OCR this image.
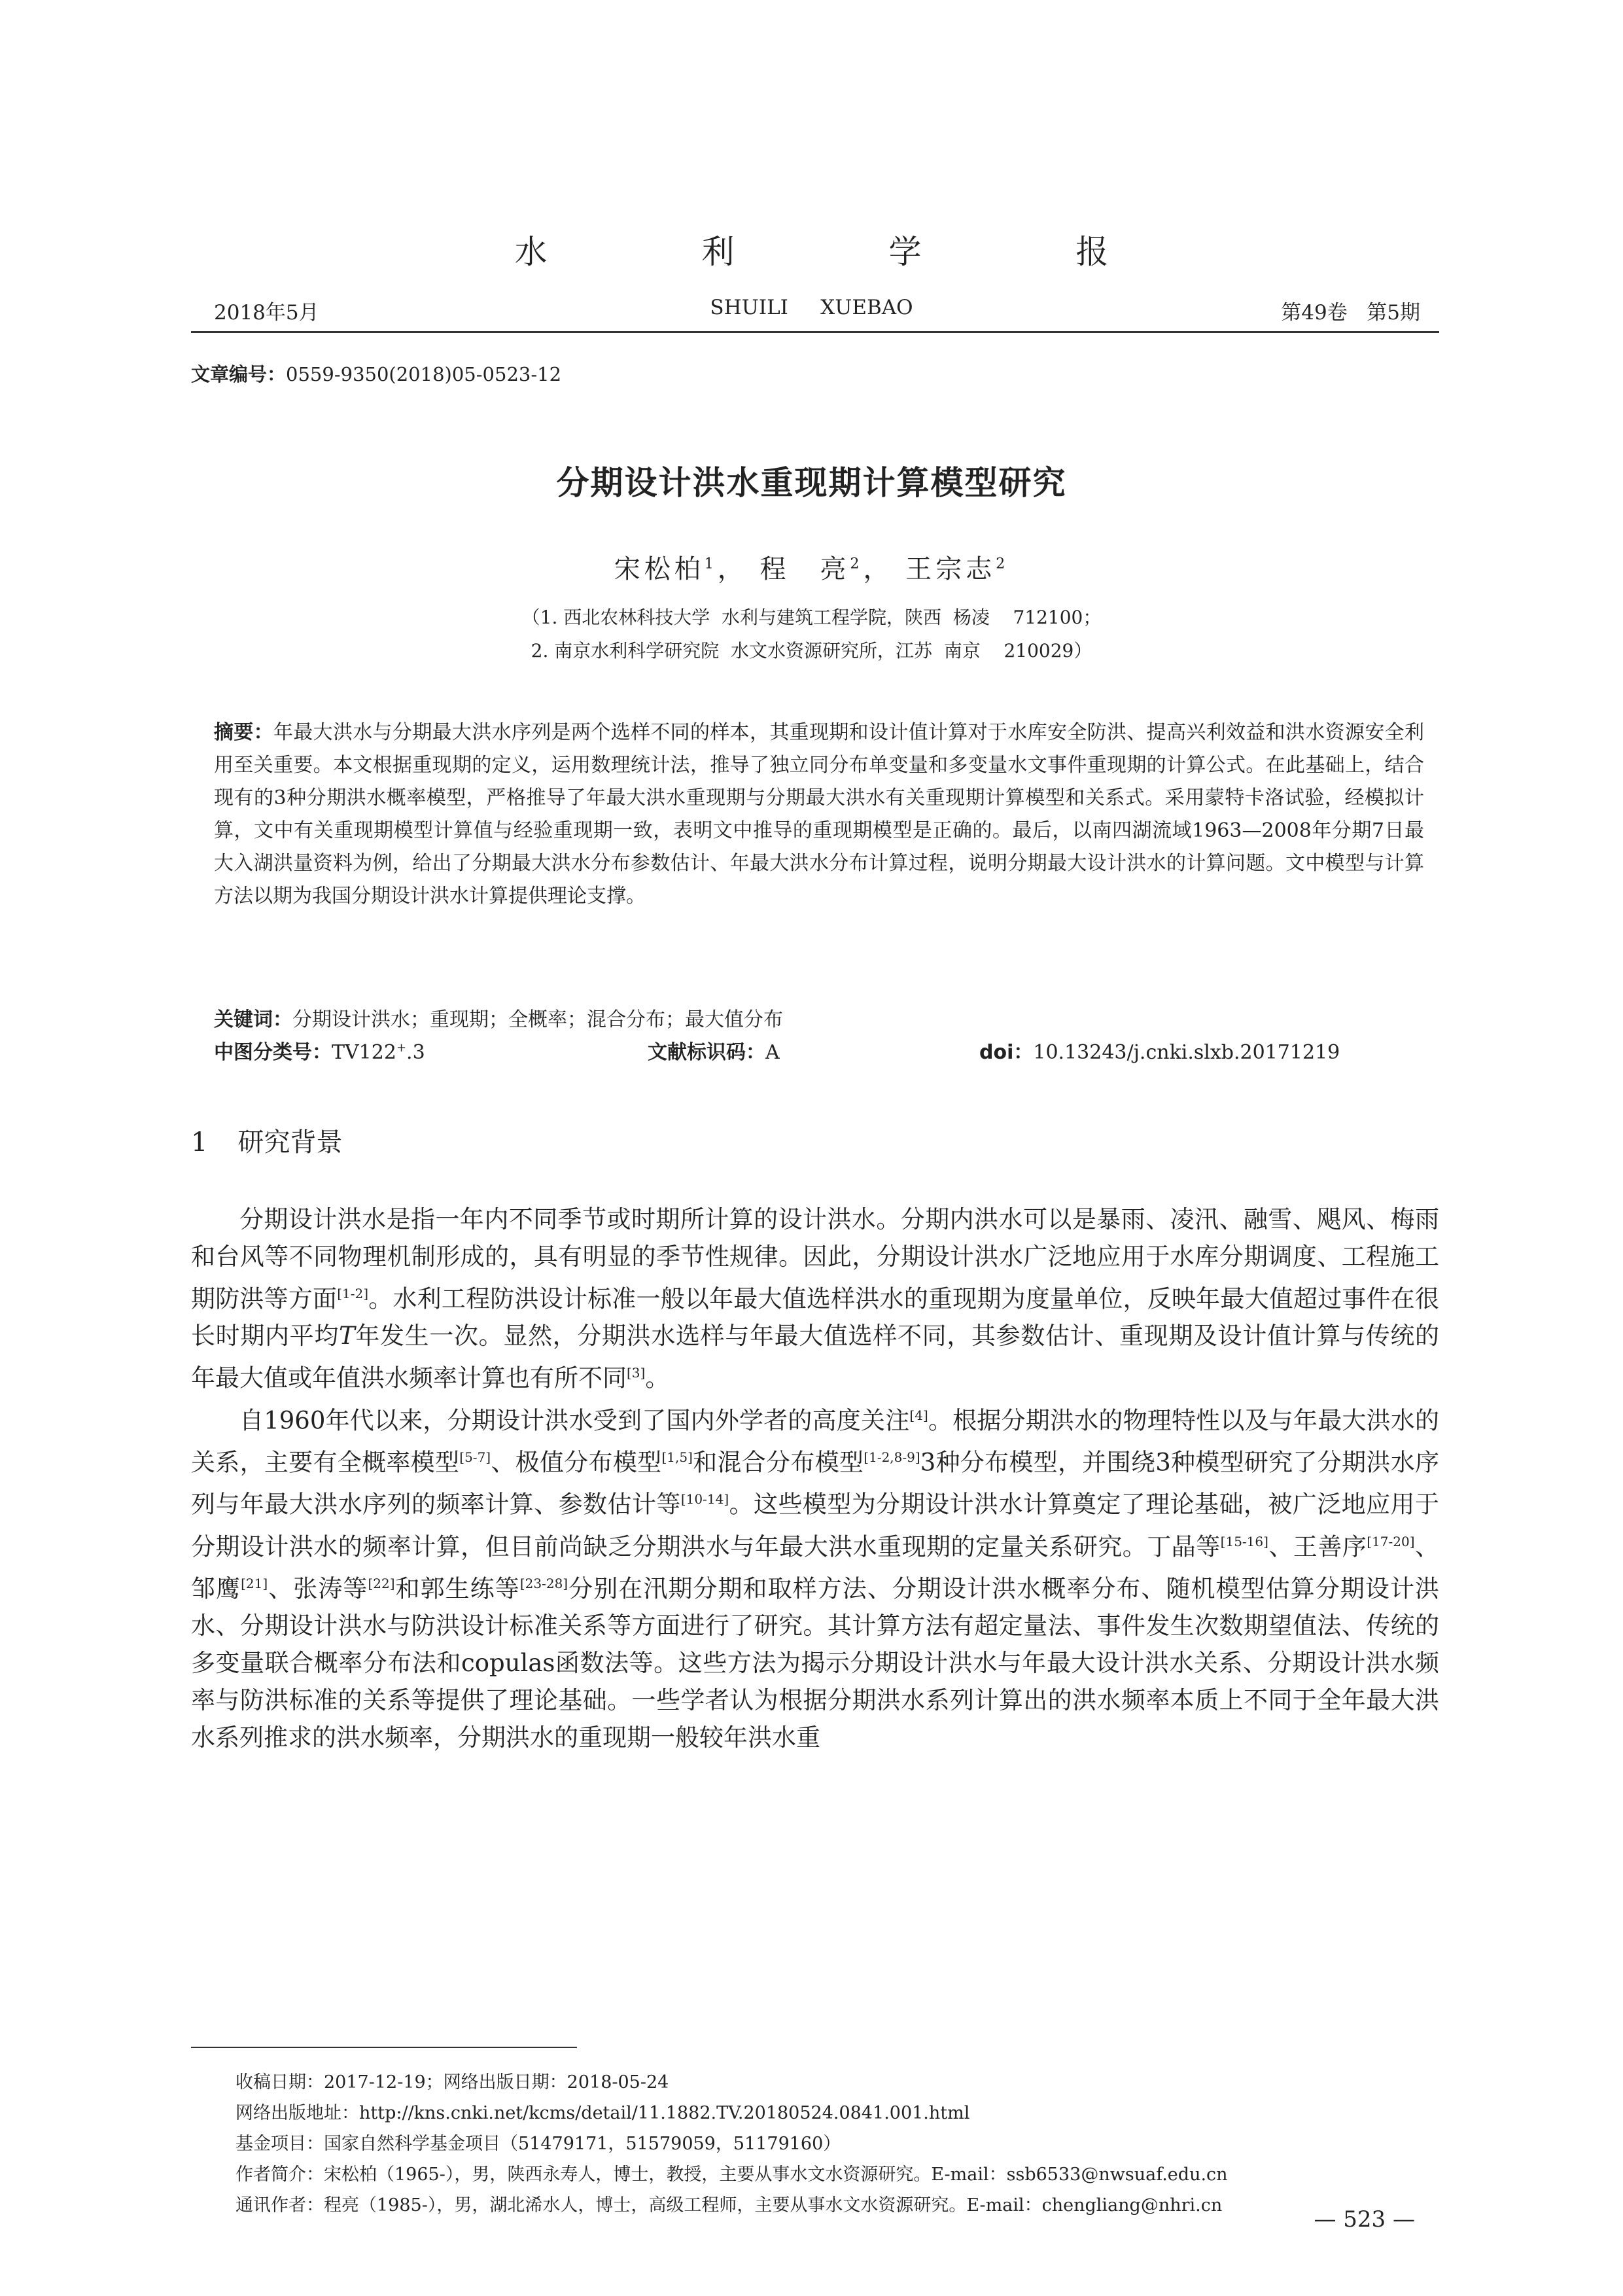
水 利 学 报
2018年5月	SHUILI     XUEBAO	第49卷   第5期
文章编号：0559-9350(2018)05-0523-12
分期设计洪水重现期计算模型研究
宋松柏$^1$， 程　亮$^2$， 王宗志$^2$
（1. 西北农林科技大学  水利与建筑工程学院，陕西  杨凌    712100；
2. 南京水利科学研究院  水文水资源研究所，江苏  南京    210029）
摘要：年最大洪水与分期最大洪水序列是两个选样不同的样本，其重现期和设计值计算对于水库安全防洪、提高兴利效益和洪水资源安全利用至关重要。本文根据重现期的定义，运用数理统计法，推导了独立同分布单变量和多变量水文事件重现期的计算公式。在此基础上，结合现有的3种分期洪水概率模型，严格推导了年最大洪水重现期与分期最大洪水有关重现期计算模型和关系式。采用蒙特卡洛试验，经模拟计算，文中有关重现期模型计算值与经验重现期一致，表明文中推导的重现期模型是正确的。最后，以南四湖流域1963—2008年分期7日最大入湖洪量资料为例，给出了分期最大洪水分布参数估计、年最大洪水分布计算过程，说明分期最大设计洪水的计算问题。文中模型与计算方法以期为我国分期设计洪水计算提供理论支撑。
关键词：分期设计洪水；重现期；全概率；混合分布；最大值分布
中图分类号：TV122+.3	文献标识码：A	doi：10.13243/j.cnki.slxb.20171219
1 研究背景

分期设计洪水是指一年内不同季节或时期所计算的设计洪水。分期内洪水可以是暴雨、凌汛、融雪、飓风、梅雨和台风等不同物理机制形成的，具有明显的季节性规律。因此，分期设计洪水广泛地应用于水库分期调度、工程施工期防洪等方面[1-2]。水利工程防洪设计标准一般以年最大值选样洪水的重现期为度量单位，反映年最大值超过事件在很长时期内平均T年发生一次。显然，分期洪水选样与年最大值选样不同，其参数估计、重现期及设计值计算与传统的年最大值或年值洪水频率计算也有所不同[3]。

自1960年代以来，分期设计洪水受到了国内外学者的高度关注[4]。根据分期洪水的物理特性以及与年最大洪水的关系，主要有全概率模型[5-7]、极值分布模型[1,5]和混合分布模型[1-2,8-9]3种分布模型，并围绕3种模型研究了分期洪水序列与年最大洪水序列的频率计算、参数估计等[10-14]。这些模型为分期设计洪水计算奠定了理论基础，被广泛地应用于分期设计洪水的频率计算，但目前尚缺乏分期洪水与年最大洪水重现期的定量关系研究。丁晶等[15-16]、王善序[17-20]、邹鹰[21]、张涛等[22]和郭生练等[23-28]分别在汛期分期和取样方法、分期设计洪水概率分布、随机模型估算分期设计洪水、分期设计洪水与防洪设计标准关系等方面进行了研究。其计算方法有超定量法、事件发生次数期望值法、传统的多变量联合概率分布法和copulas函数法等。这些方法为揭示分期设计洪水与年最大设计洪水关系、分期设计洪水频率与防洪标准的关系等提供了理论基础。一些学者认为根据分期洪水系列计算出的洪水频率本质上不同于全年最大洪水系列推求的洪水频率，分期洪水的重现期一般较年洪水重

收稿日期：2017-12-19；网络出版日期：2018-05-24
网络出版地址：http://kns.cnki.net/kcms/detail/11.1882.TV.20180524.0841.001.html
基金项目：国家自然科学基金项目（51479171，51579059，51179160）
作者简介：宋松柏（1965-），男，陕西永寿人，博士，教授，主要从事水文水资源研究。E-mail：ssb6533@nwsuaf.edu.cn
通讯作者：程亮（1985-），男，湖北浠水人，博士，高级工程师，主要从事水文水资源研究。E-mail：chengliang@nhri.cn
— 523 —
